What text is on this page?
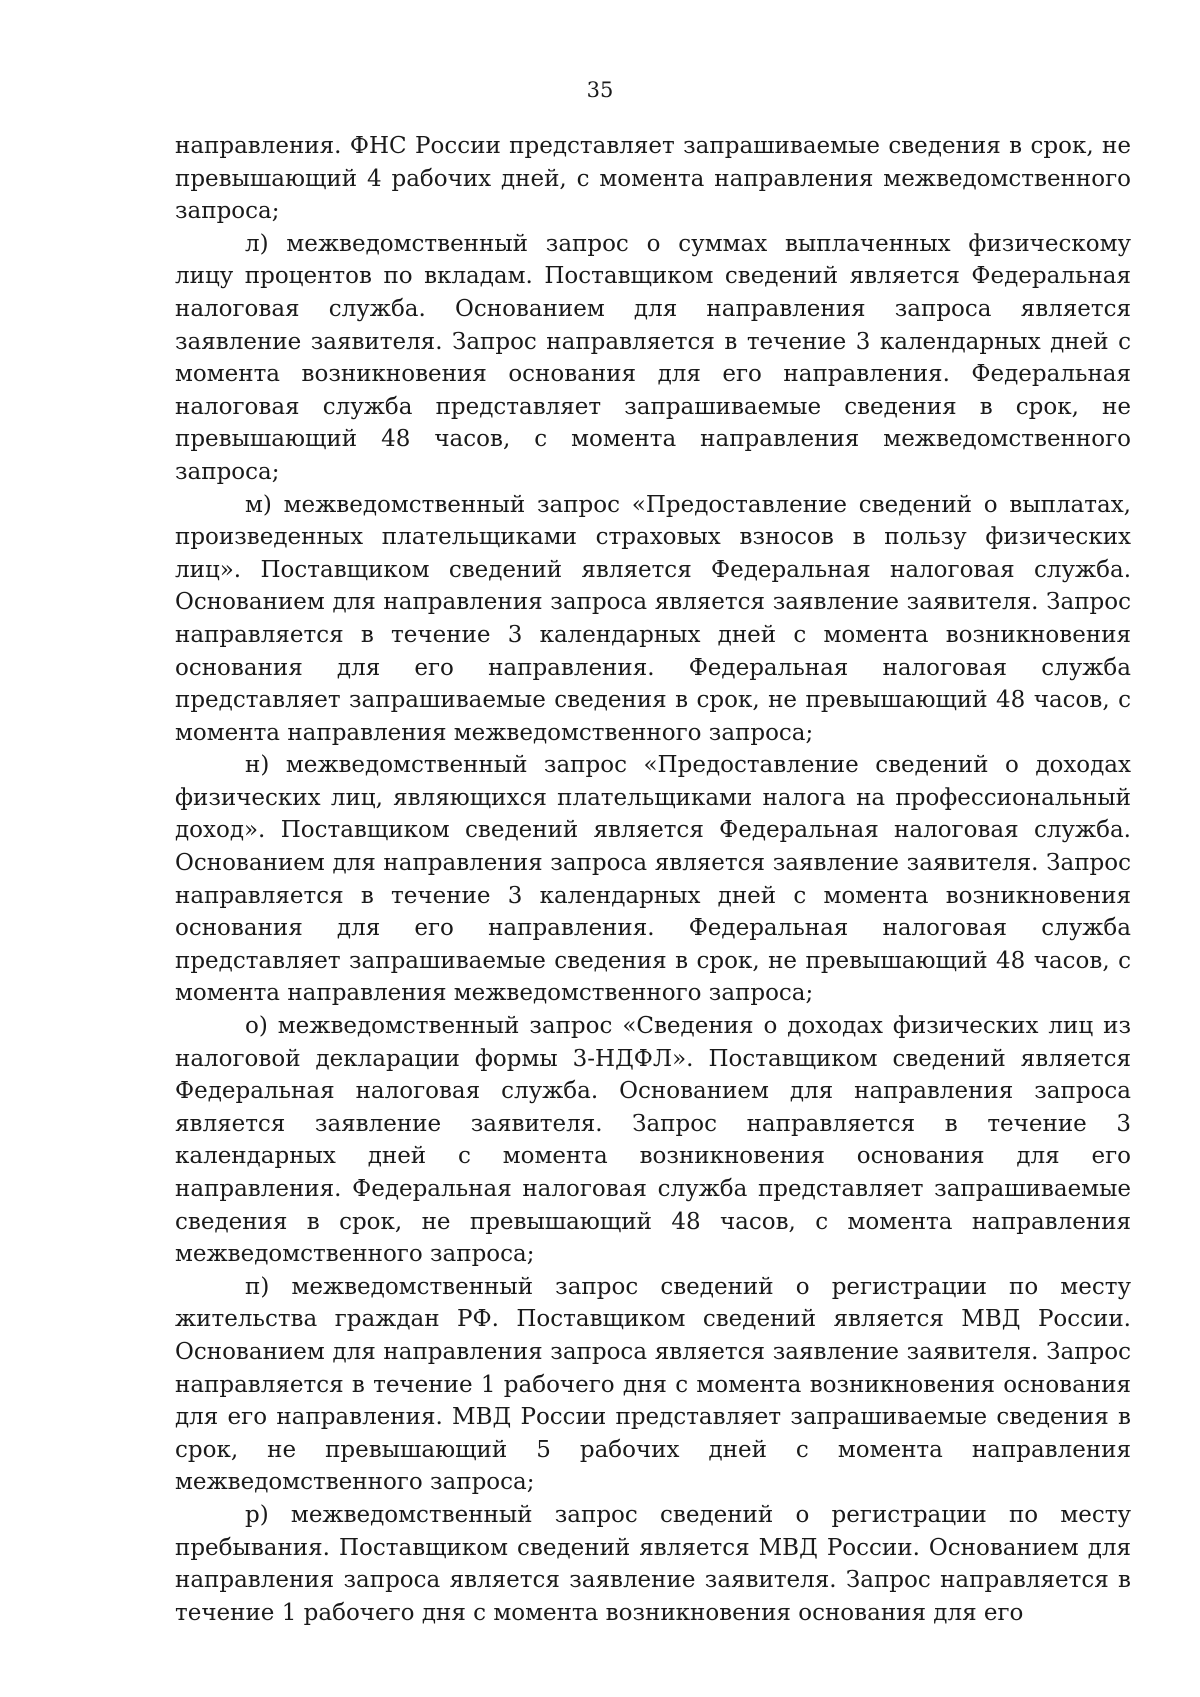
35

направления. ФНС России представляет запрашиваемые сведения в срок, не превышающий 4 рабочих дней, с момента направления межведомственного запроса;

л) межведомственный запрос о суммах выплаченных физическому лицу процентов по вкладам. Поставщиком сведений является Федеральная налоговая служба. Основанием для направления запроса является заявление заявителя. Запрос направляется в течение 3 календарных дней с момента возникновения основания для его направления. Федеральная налоговая служба представляет запрашиваемые сведения в срок, не превышающий 48 часов, с момента направления межведомственного запроса;

м) межведомственный запрос «Предоставление сведений о выплатах, произведенных плательщиками страховых взносов в пользу физических лиц». Поставщиком сведений является Федеральная налоговая служба. Основанием для направления запроса является заявление заявителя. Запрос направляется в течение 3 календарных дней с момента возникновения основания для его направления. Федеральная налоговая служба представляет запрашиваемые сведения в срок, не превышающий 48 часов, с момента направления межведомственного запроса;

н) межведомственный запрос «Предоставление сведений о доходах физических лиц, являющихся плательщиками налога на профессиональный доход». Поставщиком сведений является Федеральная налоговая служба. Основанием для направления запроса является заявление заявителя. Запрос направляется в течение 3 календарных дней с момента возникновения основания для его направления. Федеральная налоговая служба представляет запрашиваемые сведения в срок, не превышающий 48 часов, с момента направления межведомственного запроса;

о) межведомственный запрос «Сведения о доходах физических лиц из налоговой декларации формы 3-НДФЛ». Поставщиком сведений является Федеральная налоговая служба. Основанием для направления запроса является заявление заявителя. Запрос направляется в течение 3 календарных дней с момента возникновения основания для его направления. Федеральная налоговая служба представляет запрашиваемые сведения в срок, не превышающий 48 часов, с момента направления межведомственного запроса;

п) межведомственный запрос сведений о регистрации по месту жительства граждан РФ. Поставщиком сведений является МВД России. Основанием для направления запроса является заявление заявителя. Запрос направляется в течение 1 рабочего дня с момента возникновения основания для его направления. МВД России представляет запрашиваемые сведения в срок, не превышающий 5 рабочих дней с момента направления межведомственного запроса;

р) межведомственный запрос сведений о регистрации по месту пребывания. Поставщиком сведений является МВД России. Основанием для направления запроса является заявление заявителя. Запрос направляется в течение 1 рабочего дня с момента возникновения основания для его
